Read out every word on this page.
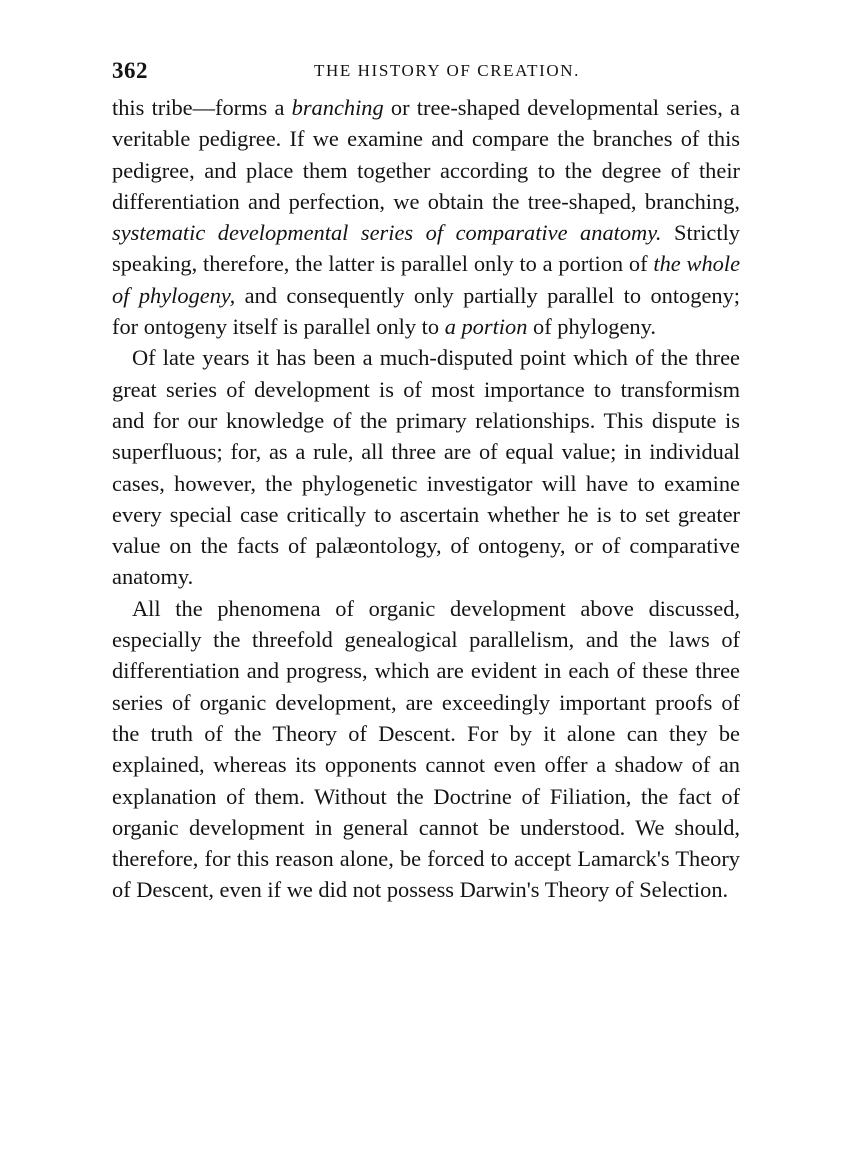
362	THE HISTORY OF CREATION.

this tribe—forms a branching or tree-shaped developmental series, a veritable pedigree. If we examine and compare the branches of this pedigree, and place them together according to the degree of their differentiation and perfection, we obtain the tree-shaped, branching, systematic developmental series of comparative anatomy. Strictly speaking, therefore, the latter is parallel only to a portion of the whole of phylogeny, and consequently only partially parallel to ontogeny; for ontogeny itself is parallel only to a portion of phylogeny.

Of late years it has been a much-disputed point which of the three great series of development is of most importance to transformism and for our knowledge of the primary relationships. This dispute is superfluous; for, as a rule, all three are of equal value; in individual cases, however, the phylogenetic investigator will have to examine every special case critically to ascertain whether he is to set greater value on the facts of palæontology, of ontogeny, or of comparative anatomy.

All the phenomena of organic development above discussed, especially the threefold genealogical parallelism, and the laws of differentiation and progress, which are evident in each of these three series of organic development, are exceedingly important proofs of the truth of the Theory of Descent. For by it alone can they be explained, whereas its opponents cannot even offer a shadow of an explanation of them. Without the Doctrine of Filiation, the fact of organic development in general cannot be understood. We should, therefore, for this reason alone, be forced to accept Lamarck's Theory of Descent, even if we did not possess Darwin's Theory of Selection.
